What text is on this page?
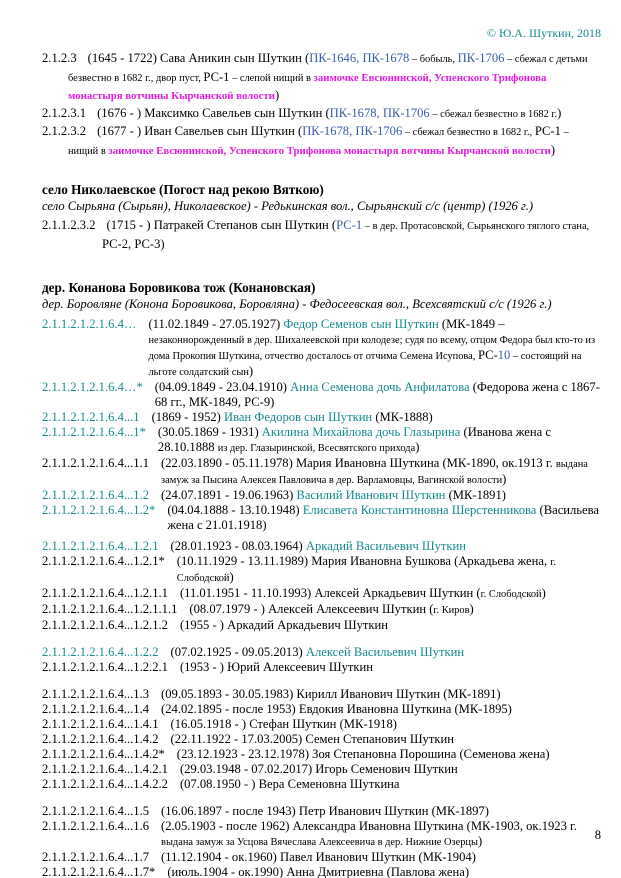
© Ю.А. Шуткин, 2018
2.1.2.3 (1645 - 1722) Сава Аникин сын Шуткин (ПК-1646, ПК-1678 – бобыль, ПК-1706 – сбежал с детьми безвестно в 1682 г., двор пуст, РС-1 – слепой нищий в заимочке Евсюнинской, Успенского Трифонова монастыря вотчины Кырчанской волости)
2.1.2.3.1 (1676 - ) Максимко Савельев сын Шуткин (ПК-1678, ПК-1706 – сбежал безвестно в 1682 г.)
2.1.2.3.2 (1677 - ) Иван Савельев сын Шуткин (ПК-1678, ПК-1706 – сбежал безвестно в 1682 г., РС-1 – нищий в заимочке Евсюнинской, Успенского Трифонова монастыря вотчины Кырчанской волости)
село Николаевское (Погост над рекою Вяткою)
село Сырьяна (Сырьян), Николаевское) - Редькинская вол., Сырьянский с/с (центр) (1926 г.)
2.1.1.2.3.2 (1715 - ) Патракей Степанов сын Шуткин (РС-1 – в дер. Протасовской, Сырьянского тяглого стана, РС-2, РС-3)
дер. Конанова Боровикова тож (Конановская)
дер. Боровляне (Конона Боровикова, Боровляна) - Федосеевская вол., Всехсвятский с/с (1926 г.)
2.1.1.2.1.2.1.6.4… (11.02.1849 - 27.05.1927) Федор Семенов сын Шуткин (МК-1849 – незаконнорожденный в дер. Шихалеевской при колодезе; судя по всему, отцом Федора был кто-то из дома Прокопия Шуткина, отчество досталось от отчима Семена Исупова, РС-10 – состоящий на льготе солдатский сын)
2.1.1.2.1.2.1.6.4…* (04.09.1849 - 23.04.1910) Анна Семенова дочь Анфилатова (Федорова жена с 1867-68 гг., МК-1849, РС-9)
2.1.1.2.1.2.1.6.4...1 (1869 - 1952) Иван Федоров сын Шуткин (МК-1888)
2.1.1.2.1.2.1.6.4...1* (30.05.1869 - 1931) Акилина Михайлова дочь Глазырина (Иванова жена с 28.10.1888 из дер. Глазыринской, Всесвятского прихода)
2.1.1.2.1.2.1.6.4...1.1 (22.03.1890 - 05.11.1978) Мария Ивановна Шуткина (МК-1890, ок.1913 г. выдана замуж за Пысина Алексея Павловича в дер. Варламовцы, Вагинской волости)
2.1.1.2.1.2.1.6.4...1.2 (24.07.1891 - 19.06.1963) Василий Иванович Шуткин (МК-1891)
2.1.1.2.1.2.1.6.4...1.2* (04.04.1888 - 13.10.1948) Елисавета Константиновна Шерстенникова (Васильева жена с 21.01.1918)
2.1.1.2.1.2.1.6.4...1.2.1 (28.01.1923 - 08.03.1964) Аркадий Васильевич Шуткин
2.1.1.2.1.2.1.6.4...1.2.1* (10.11.1929 - 13.11.1989) Мария Ивановна Бушкова (Аркадьева жена, г. Слободской)
2.1.1.2.1.2.1.6.4...1.2.1.1 (11.01.1951 - 11.10.1993) Алексей Аркадьевич Шуткин (г. Слободской)
2.1.1.2.1.2.1.6.4...1.2.1.1.1 (08.07.1979 - ) Алексей Алексеевич Шуткин (г. Киров)
2.1.1.2.1.2.1.6.4...1.2.1.2 (1955 - ) Аркадий Аркадьевич Шуткин
2.1.1.2.1.2.1.6.4...1.2.2 (07.02.1925 - 09.05.2013) Алексей Васильевич Шуткин
2.1.1.2.1.2.1.6.4...1.2.2.1 (1953 - ) Юрий Алексеевич Шуткин
2.1.1.2.1.2.1.6.4...1.3 (09.05.1893 - 30.05.1983) Кирилл Иванович Шуткин (МК-1891)
2.1.1.2.1.2.1.6.4...1.4 (24.02.1895 - после 1953) Евдокия Ивановна Шуткина (МК-1895)
2.1.1.2.1.2.1.6.4...1.4.1 (16.05.1918 - ) Стефан Шуткин (МК-1918)
2.1.1.2.1.2.1.6.4...1.4.2 (22.11.1922 - 17.03.2005) Семен Степанович Шуткин
2.1.1.2.1.2.1.6.4...1.4.2* (23.12.1923 - 23.12.1978) Зоя Степановна Порошина (Семенова жена)
2.1.1.2.1.2.1.6.4...1.4.2.1 (29.03.1948 - 07.02.2017) Игорь Семенович Шуткин
2.1.1.2.1.2.1.6.4...1.4.2.2 (07.08.1950 - ) Вера Семеновна Шуткина
2.1.1.2.1.2.1.6.4...1.5 (16.06.1897 - после 1943) Петр Иванович Шуткин (МК-1897)
2.1.1.2.1.2.1.6.4...1.6 (2.05.1903 - после 1962) Александра Ивановна Шуткина (МК-1903, ок.1923 г. выдана замуж за Усцова Вячеслава Алексеевича в дер. Нижние Озерцы)
2.1.1.2.1.2.1.6.4...1.7 (11.12.1904 - ок.1960) Павел Иванович Шуткин (МК-1904)
2.1.1.2.1.2.1.6.4...1.7* (июль.1904 - ок.1990) Анна Дмитриевна (Павлова жена)
8
